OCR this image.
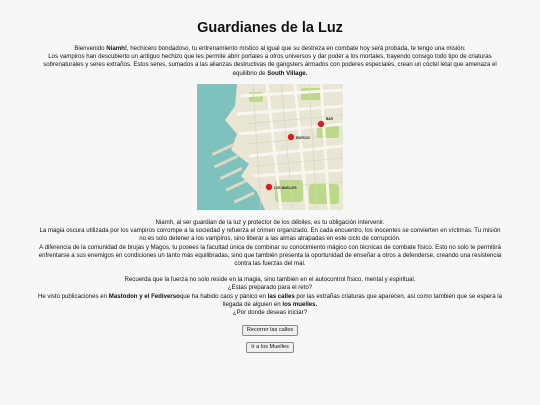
Guardianes de la Luz

Bienvenido Niamh!, hechicero bondadoso, tu entrenamiento místico al igual que su destreza en combate hoy será probada, te tengo una misión:

Los vampiros han descubierto un antiguo hechizo que les permite abrir portales a otros universos y dar poder a los mortales, trayendo consigo todo tipo de criaturas

sobrenaturales y seres extraños. Estos seres, sumados a las alianzas destructivas de gangsters armados con poderes especiales, crean un cóctel letal que amenaza el

equilibrio de South Village.

EDIFICIO
BAR
LOS MUELLES

Niamh, al ser guardian de la luz y protector de los débiles, es tu obligación intervenir.

La magia oscura utilizada por los vampiros corrompe a la sociedad y refuerza el crimen organizado. En cada encuentro, los inocentes se convierten en víctimas. Tu misión

no es solo detener a los vampiros, sino liberar a las almas atrapadas en este ciclo de corrupción.

A diferencia de la comunidad de brujas y Magos, tu posees la facultad única de combinar su conocimiento mágico con técnicas de combate físico. Esto no solo te permitirá

enfrentarse a sus enemigos en condiciones un tanto más equilibradas, sino que también presenta la oportunidad de enseñar a otros a defenderse, creando una resistencia

contra las fuerzas del mal.

Recuerda que la fuerza no solo reside en la magia, sino también en el autocontrol físico, mental y espiritual.

¿Estas preparado para el reto?

He visto publicaciones en Mastodon y el Fediversoque ha habido caos y pánico en las calles por las extrañas criaturas que aparecen, así como también que se espera la

llegada de alguien en los muelles.

¿Por donde deseas iniciar?

Recorrer las calles
Ir a los Muelles
